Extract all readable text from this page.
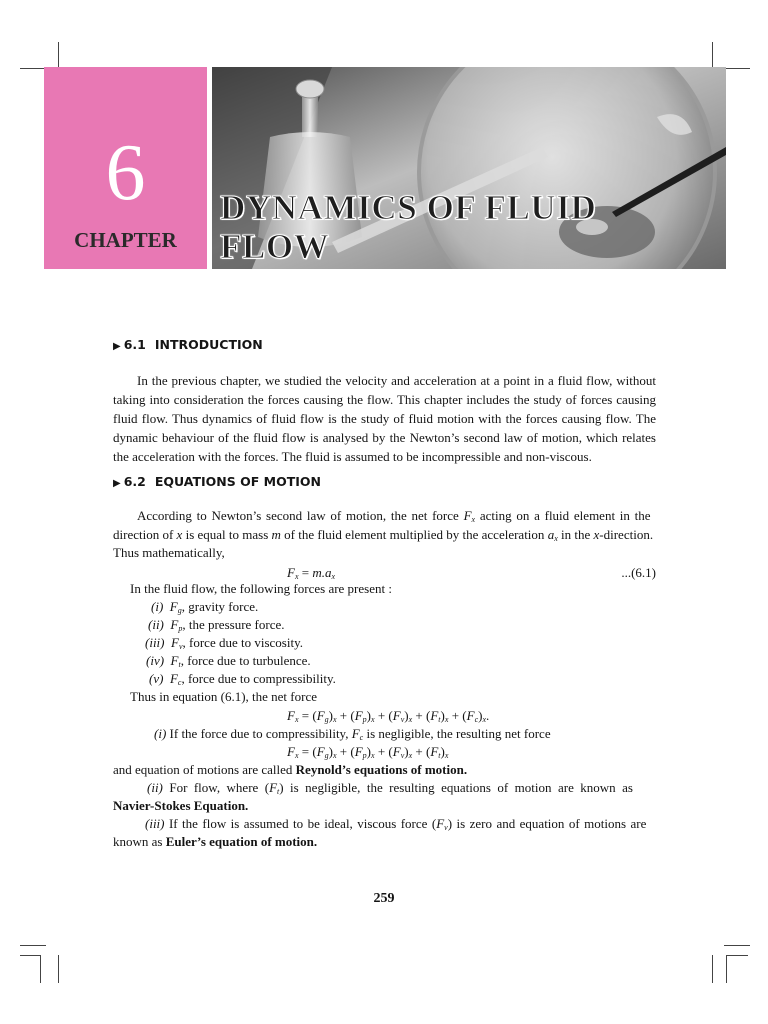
6
CHAPTER
DYNAMICS OF FLUID
FLOW
▶ 6.1 INTRODUCTION
In the previous chapter, we studied the velocity and acceleration at a point in a fluid flow, without taking into consideration the forces causing the flow. This chapter includes the study of forces causing fluid flow. Thus dynamics of fluid flow is the study of fluid motion with the forces causing flow. The dynamic behaviour of the fluid flow is analysed by the Newton’s second law of motion, which relates the acceleration with the forces. The fluid is assumed to be incompressible and non-viscous.
▶ 6.2 EQUATIONS OF MOTION
According to Newton’s second law of motion, the net force $F_x$ acting on a fluid element in the
direction of x is equal to mass m of the fluid element multiplied by the acceleration $a_x$ in the x-direction.
Thus mathematically,
$F_x = m.a_x$	...(6.1)
In the fluid flow, the following forces are present :
(i) $F_g$, gravity force.
(ii) $F_p$, the pressure force.
(iii) $F_v$, force due to viscosity.
(iv) $F_t$, force due to turbulence.
(v) $F_c$, force due to compressibility.
Thus in equation (6.1), the net force
$F_x = (F_g)_x + (F_p)_x + (F_v)_x + (F_t)_x + (F_c)_x$.
(i) If the force due to compressibility, $F_c$ is negligible, the resulting net force
$F_x = (F_g)_x + (F_p)_x + (F_v)_x + (F_t)_x$
and equation of motions are called Reynold’s equations of motion.
(ii) For flow, where $(F_t)$ is negligible, the resulting equations of motion are known as
Navier-Stokes Equation.
(iii) If the flow is assumed to be ideal, viscous force $(F_v)$ is zero and equation of motions are
known as Euler’s equation of motion.
259
